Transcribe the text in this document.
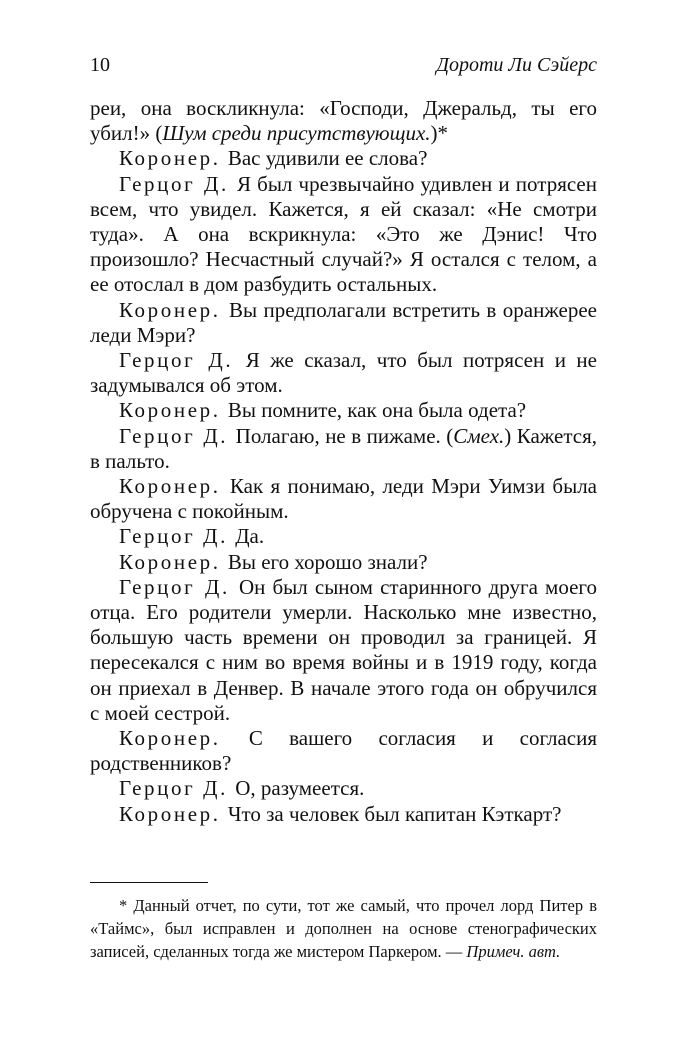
10	Дороти Ли Сэйерс

реи, она воскликнула: «Господи, Джеральд, ты его убил!» (Шум среди присутствующих.)*

Коронер. Вас удивили ее слова?

Герцог Д. Я был чрезвычайно удивлен и потрясен всем, что увидел. Кажется, я ей сказал: «Не смотри туда». А она вскрикнула: «Это же Дэнис! Что произошло? Несчастный случай?» Я остался с телом, а ее отослал в дом разбудить остальных.

Коронер. Вы предполагали встретить в оранжерее леди Мэри?

Герцог Д. Я же сказал, что был потрясен и не задумывался об этом.

Коронер. Вы помните, как она была одета?

Герцог Д. Полагаю, не в пижаме. (Смех.) Кажется, в пальто.

Коронер. Как я понимаю, леди Мэри Уимзи была обручена с покойным.

Герцог Д. Да.

Коронер. Вы его хорошо знали?

Герцог Д. Он был сыном старинного друга моего отца. Его родители умерли. Насколько мне известно, большую часть времени он проводил за границей. Я пересекался с ним во время войны и в 1919 году, когда он приехал в Денвер. В начале этого года он обручился с моей сестрой.

Коронер. С вашего согласия и согласия родственников?

Герцог Д. О, разумеется.

Коронер. Что за человек был капитан Кэткарт?

* Данный отчет, по сути, тот же самый, что прочел лорд Питер в «Таймс», был исправлен и дополнен на основе стенографических записей, сделанных тогда же мистером Паркером. — Примеч. авт.
